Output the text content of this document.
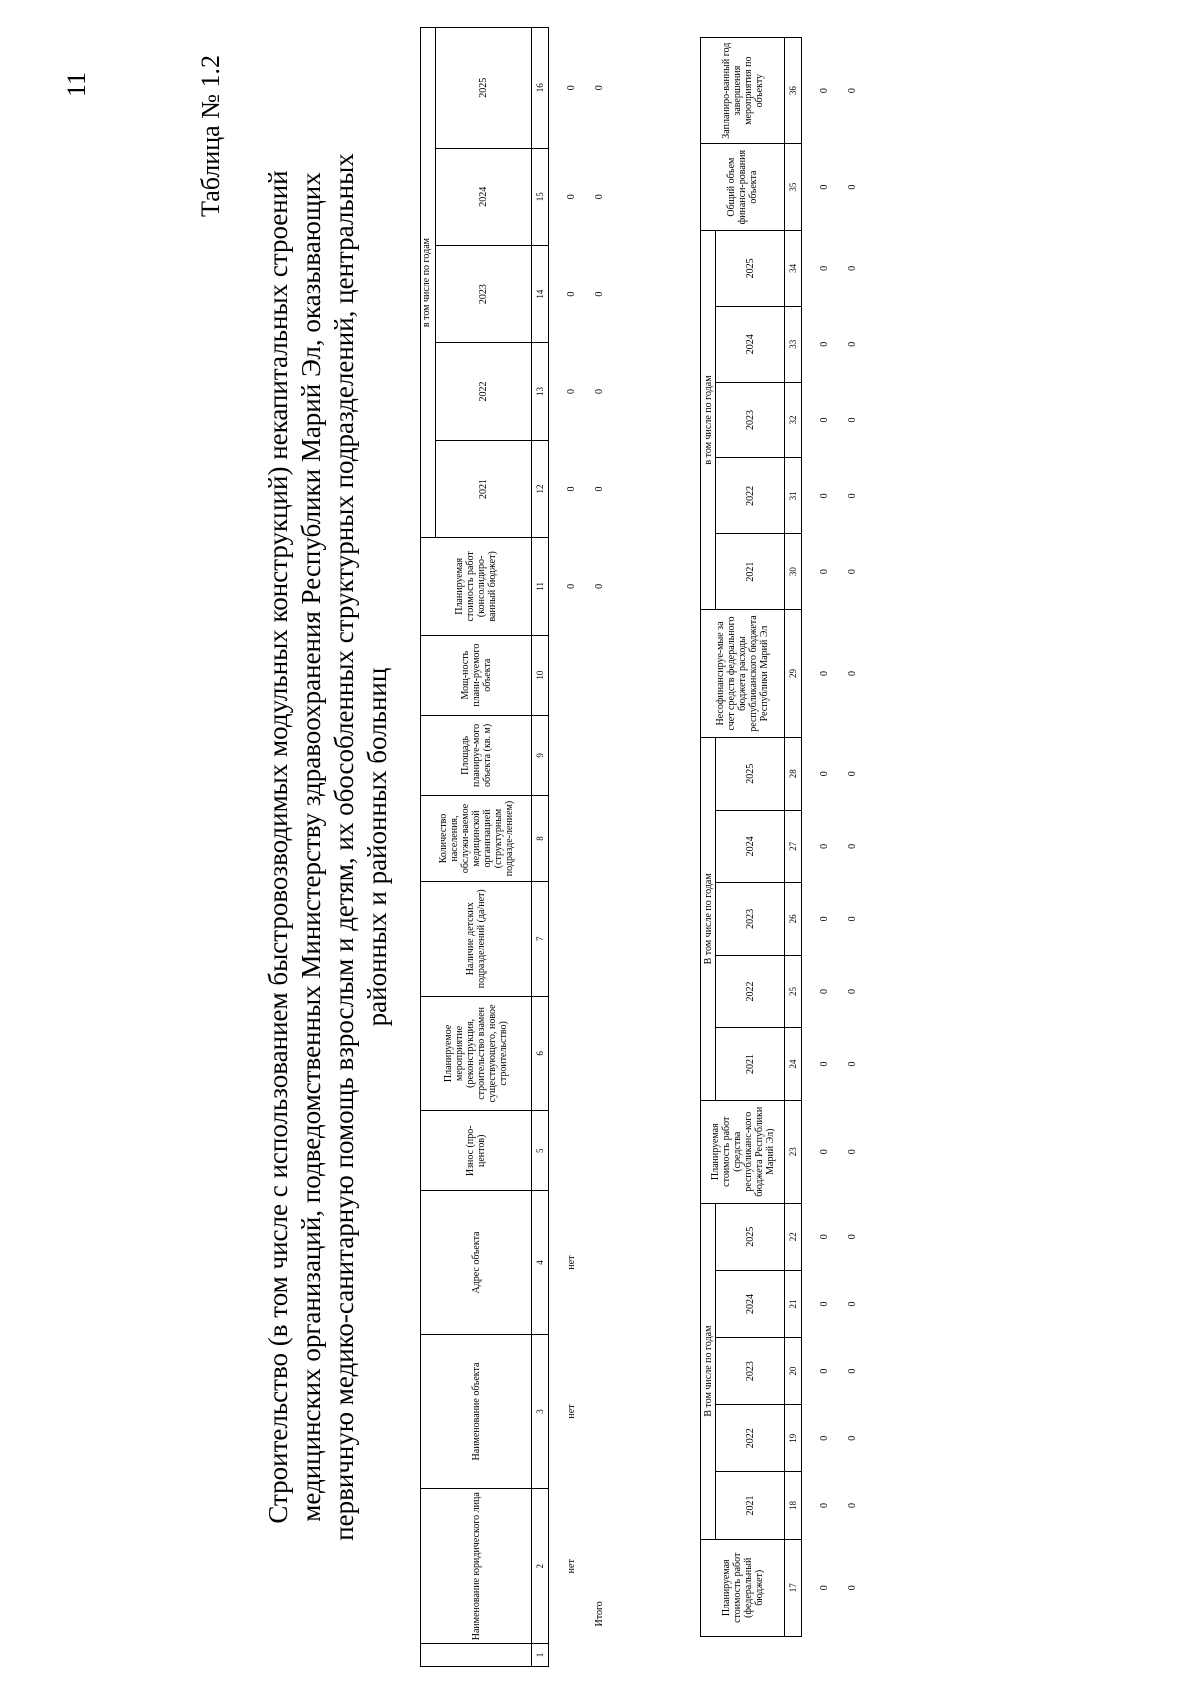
11	Таблица № 1.2
Строительство (в том числе с использованием быстровозводимых модульных конструкций) некапитальных строений медицинских организаций, подведомственных Министерству здравоохранения Республики Марий Эл, оказывающих первичную медико-санитарную помощь взрослым и детям, их обособленных структурных подразделений, центральных районных и районных больниц
	Наименование юридического лица	Наименование объекта	Адрес объекта	Износ (про-центов)	Планируемое мероприятие (реконструкция, строительство взамен существующего, новое строительство)	Наличие детских подразделений (да/нет)	Количество населения, обслужи-ваемое медицинской организацией (структурным подразде-лением)	Площадь планируе-мого объекта (кв. м)	Мощ-ность плани-руемого объекта	Планируемая стоимость работ (консолидиро-ванный бюджет)	в том числе по годам				
											2021	2022	2023	2024	2025
1	2	3	4	5	6	7	8	9	10	11	12	13	14	15	16
	нет	нет	нет							0	0	0	0	0	0
Итого										0	0	0	0	0	0
Планируемая стоимость работ (федеральный бюджет)	В том числе по годам					Планируемая стоимость работ (средства республиканс-кого бюджета Республики Марий Эл)	В том числе по годам					Несофинансируе-мые за счет средств федерального бюджета расходы республиканского бюджета Республики Марий Эл	в том числе по годам					Общий объем финанси-рования объекта	Запланиро-ванный год завершения мероприятия по объекту
	2021	2022	2023	2024	2025		2021	2022	2023	2024	2025		2021	2022	2023	2024	2025		
17	18	19	20	21	22	23	24	25	26	27	28	29	30	31	32	33	34	35	36
0	0	0	0	0	0	0	0	0	0	0	0	0	0	0	0	0	0	0	0
0	0	0	0	0	0	0	0	0	0	0	0	0	0	0	0	0	0	0	0
